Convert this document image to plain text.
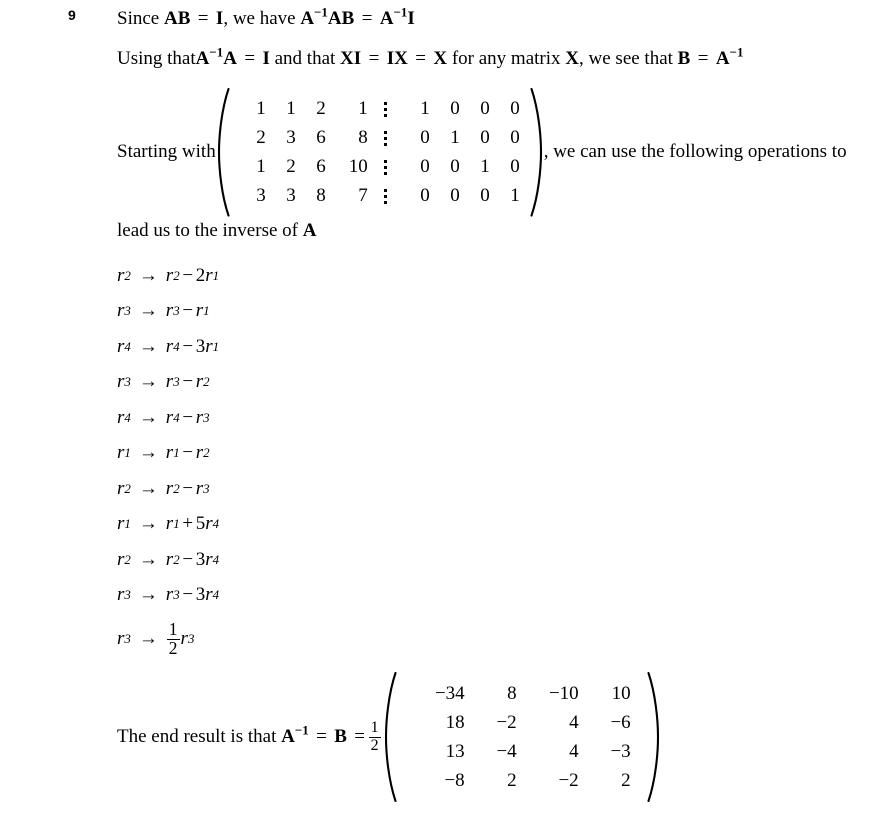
9 Since AB = I, we have $A^{-1}AB = A^{-1}I$
Using thatA$^{-1}$A = I and that XI = IX = X for any matrix X, we see that $B = A^{-1}$
Starting with
1	1	2	1	1	0	0	0
2	3	6	8	0	1	0	0
1	2	6	10	0	0	1	0
3	3	8	7	0	0	0	1
, we can use the following operations to
lead us to the inverse of A
r 2 → r 2 − 2 r 1
r 3 → r 3 − r 1
r 4 → r 4 − 3 r 1
r 3 → r 3 − r 2
r 4 → r 4 − r 3
r 1 → r 1 − r 2
r 2 → r 2 − r 3
r 1 → r 1 + 5 r 4
r 2 → r 2 − 3 r 4
r 3 → r 3 − 3 r 4
r $3 \to \frac{1}{2}$ r 3
The end result is that $A^{-1} = B = \frac{1}{2}$
−34	8	−10	10
18	−2	4	−6
13	−4	4	−3
−8	2	−2	2
